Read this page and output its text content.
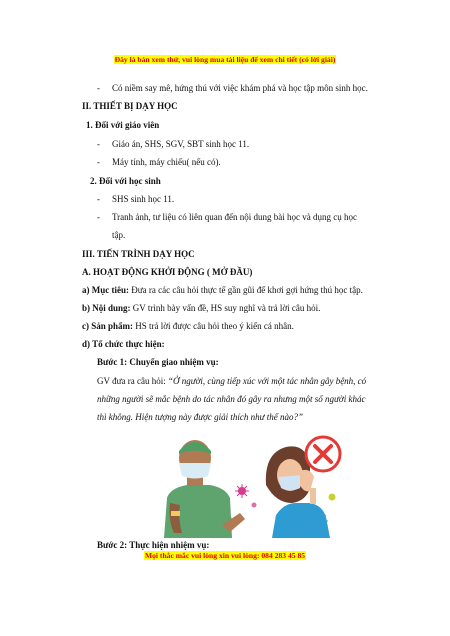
Đây là bản xem thử, vui lòng mua tài liệu để xem chi tiết (có lời giải)
- Có niềm say mê, hứng thú với việc khám phá và học tập môn sinh học.
II. THIẾT BỊ DẠY HỌC
1. Đối với giáo viên
- Giáo án, SHS, SGV, SBT sinh học 11.
- Máy tính, máy chiếu( nếu có).
2. Đối với học sinh
- SHS sinh học 11.
- Tranh ảnh, tư liệu có liên quan đến nội dung bài học và dụng cụ học
tập.
III. TIẾN TRÌNH DẠY HỌC
A. HOẠT ĐỘNG KHỞI ĐỘNG ( MỞ ĐẦU)
a) Mục tiêu: Đưa ra các câu hỏi thực tế gần gũi để khơi gợi hứng thú học tập.
b) Nội dung: GV trình bày vấn đề, HS suy nghĩ và trả lời câu hỏi.
c) Sản phẩm: HS trả lời được câu hỏi theo ý kiến cá nhân.
d) Tổ chức thực hiện:
Bước 1: Chuyển giao nhiệm vụ:
GV đưa ra câu hỏi: “Ở người, cùng tiếp xúc với một tác nhân gây bệnh, có
những người sẽ mắc bệnh do tác nhân đó gây ra nhưng một số người khác
thì không. Hiện tượng này được giải thích như thế nào?”
Bước 2: Thực hiện nhiệm vụ:
Mọi thắc mắc vui lòng xin vui lòng: 084 283 45 85
